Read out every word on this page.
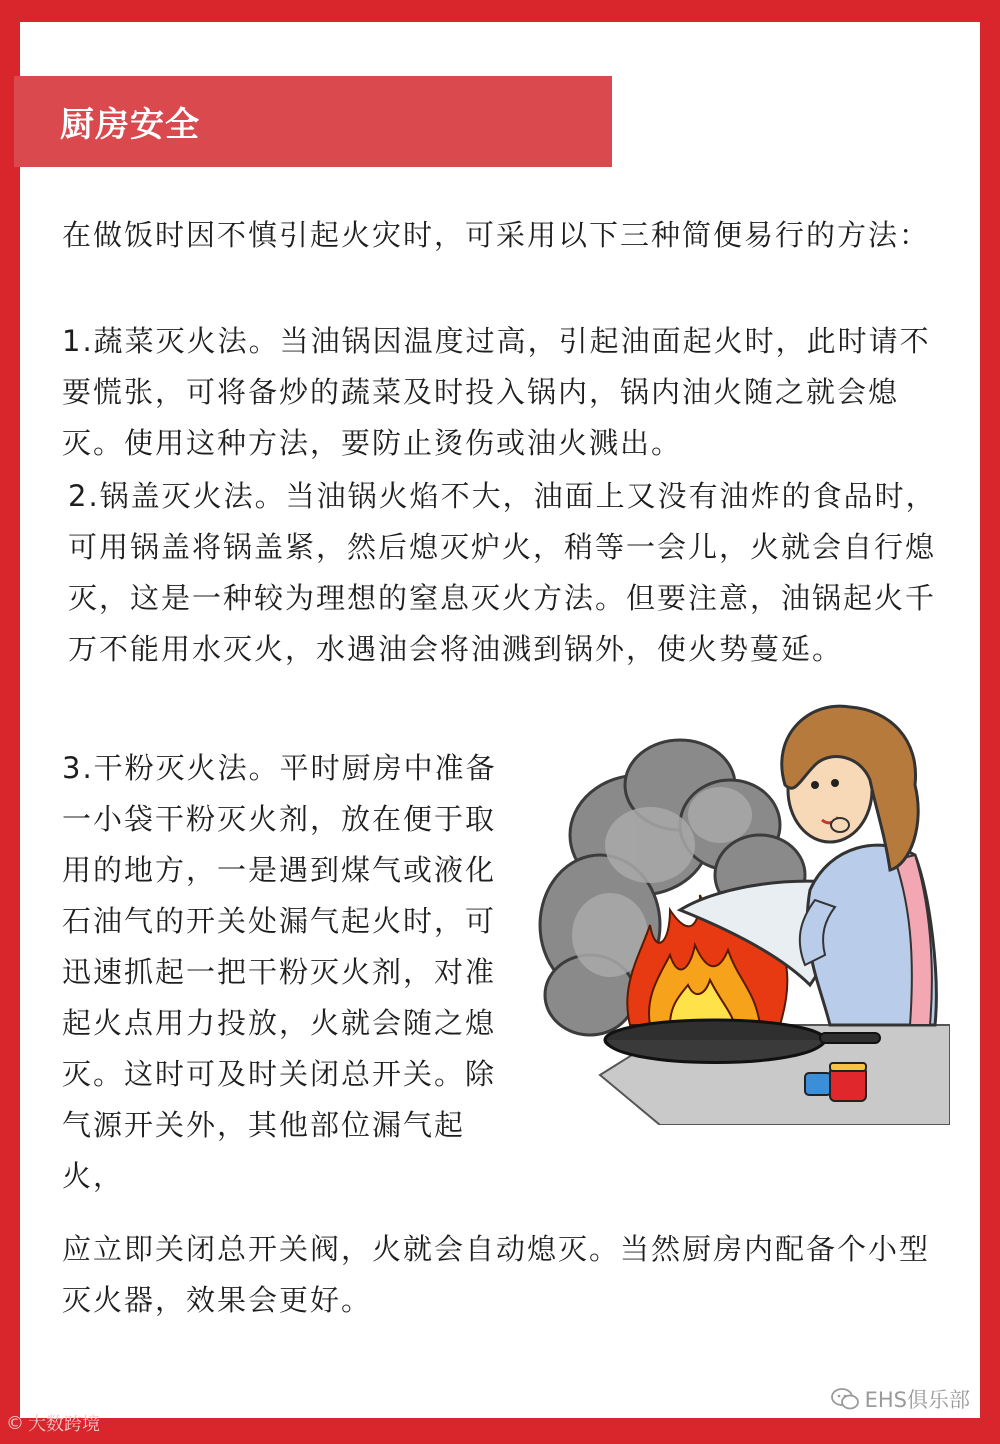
厨房安全

在做饭时因不慎引起火灾时，可采用以下三种简便易行的方法：

1.蔬菜灭火法。当油锅因温度过高，引起油面起火时，此时请不要慌张，可将备炒的蔬菜及时投入锅内，锅内油火随之就会熄灭。使用这种方法，要防止烫伤或油火溅出。

2.锅盖灭火法。当油锅火焰不大，油面上又没有油炸的食品时，可用锅盖将锅盖紧，然后熄灭炉火，稍等一会儿，火就会自行熄灭，这是一种较为理想的窒息灭火方法。但要注意，油锅起火千万不能用水灭火，水遇油会将油溅到锅外，使火势蔓延。

3.干粉灭火法。平时厨房中准备一小袋干粉灭火剂，放在便于取用的地方，一是遇到煤气或液化石油气的开关处漏气起火时，可迅速抓起一把干粉灭火剂，对准起火点用力投放，火就会随之熄灭。这时可及时关闭总开关。除气源开关外，其他部位漏气起火，

应立即关闭总开关阀，火就会自动熄灭。当然厨房内配备个小型灭火器，效果会更好。

© 大数跨境
EHS俱乐部
